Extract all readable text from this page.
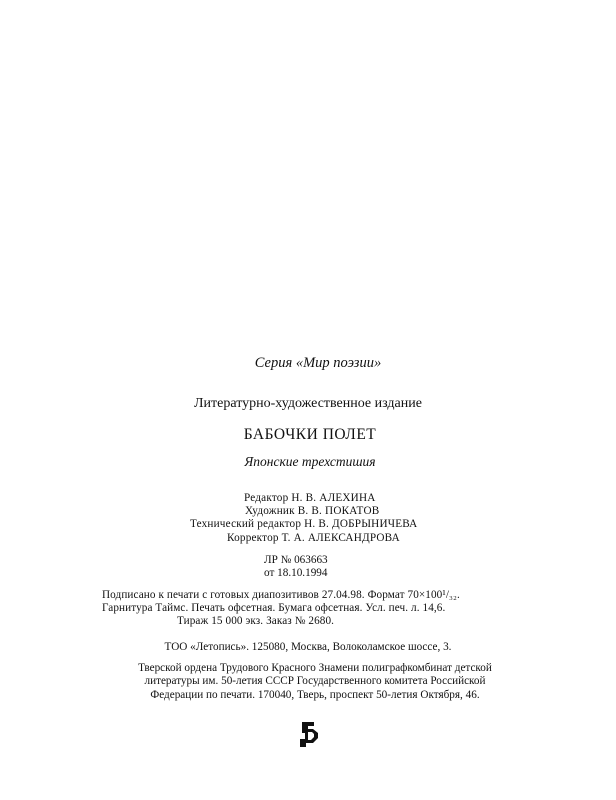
Серия «Мир поэзии»
Литературно-художественное издание
БАБОЧКИ ПОЛЕТ
Японские трехстишия
Редактор Н. В. АЛЕХИНА
Художник В. В. ПОКАТОВ
Технический редактор Н. В. ДОБРЫНИЧЕВА
Корректор Т. А. АЛЕКСАНДРОВА
ЛР № 063663
от 18.10.1994
Подписано к печати с готовых диапозитивов 27.04.98. Формат 70×100¹/₃₂.
Гарнитура Таймс. Печать офсетная. Бумага офсетная. Усл. печ. л. 14,6.
Тираж 15 000 экз. Заказ № 2680.
ТОО «Летопись». 125080, Москва, Волоколамское шоссе, 3.
Тверской ордена Трудового Красного Знамени полиграфкомбинат детской
литературы им. 50-летия СССР Государственного комитета Российской
Федерации по печати. 170040, Тверь, проспект 50-летия Октября, 46.
